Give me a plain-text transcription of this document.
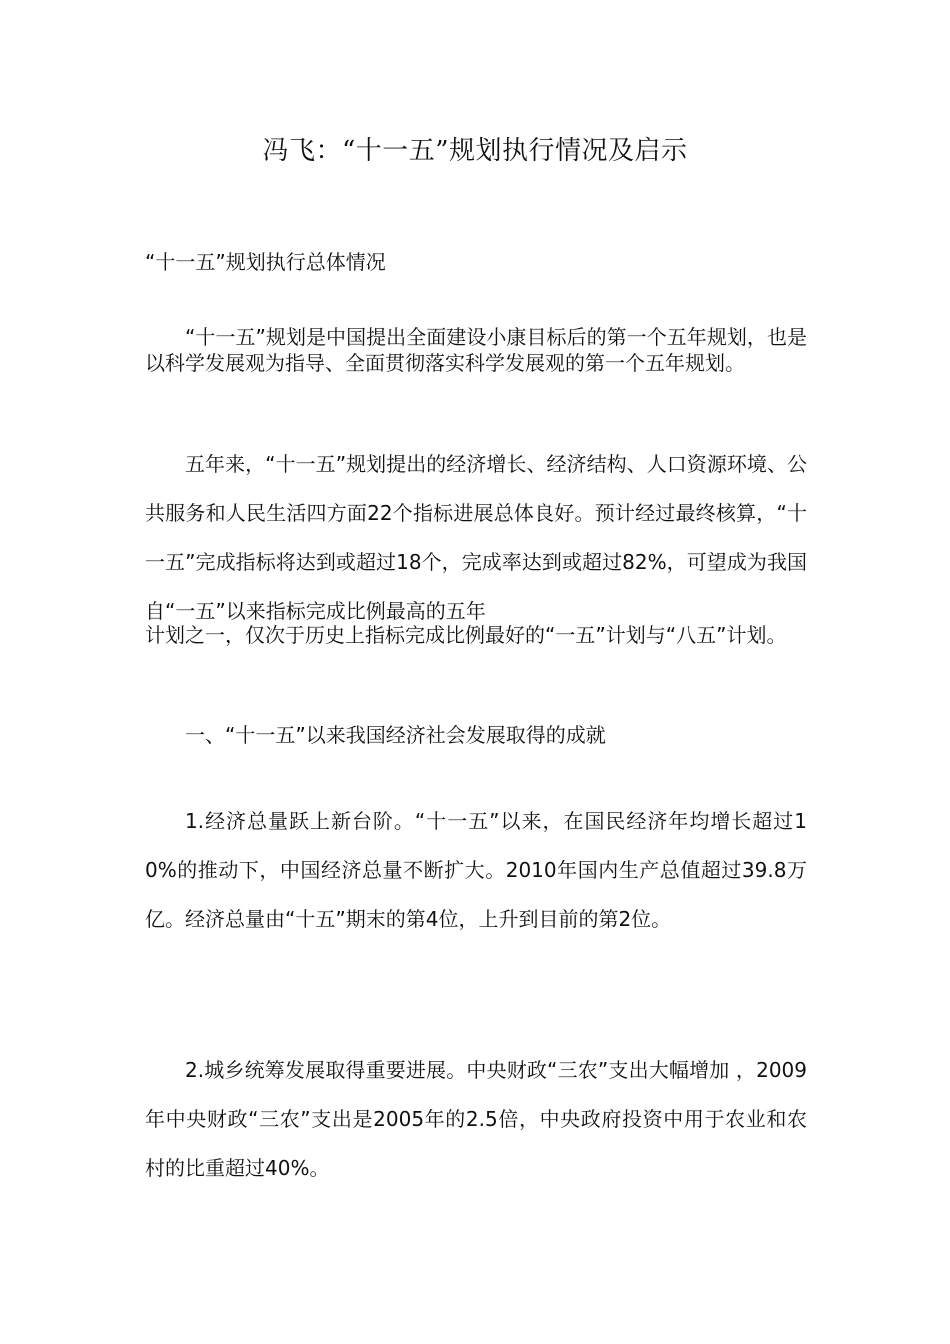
冯飞：“十一五”规划执行情况及启示

“十一五”规划执行总体情况

“十一五”规划是中国提出全面建设小康目标后的第一个五年规划，也是以科学发展观为指导、全面贯彻落实科学发展观的第一个五年规划。

五年来，“十一五”规划提出的经济增长、经济结构、人口资源环境、公共服务和人民生活四方面22个指标进展总体良好。预计经过最终核算，“十一五”完成指标将达到或超过18个，完成率达到或超过82%，可望成为我国自“一五”以来指标完成比例最高的五年

计划之一，仅次于历史上指标完成比例最好的“一五”计划与“八五”计划。

一、“十一五”以来我国经济社会发展取得的成就

1.经济总量跃上新台阶。“十一五”以来，在国民经济年均增长超过10%的推动下，中国经济总量不断扩大。2010年国内生产总值超过39.8万亿。经济总量由“十五”期末的第4位，上升到目前的第2位。

2.城乡统筹发展取得重要进展。中央财政“三农”支出大幅增加 ，2009年中央财政“三农”支出是2005年的2.5倍，中央政府投资中用于农业和农村的比重超过40%。
